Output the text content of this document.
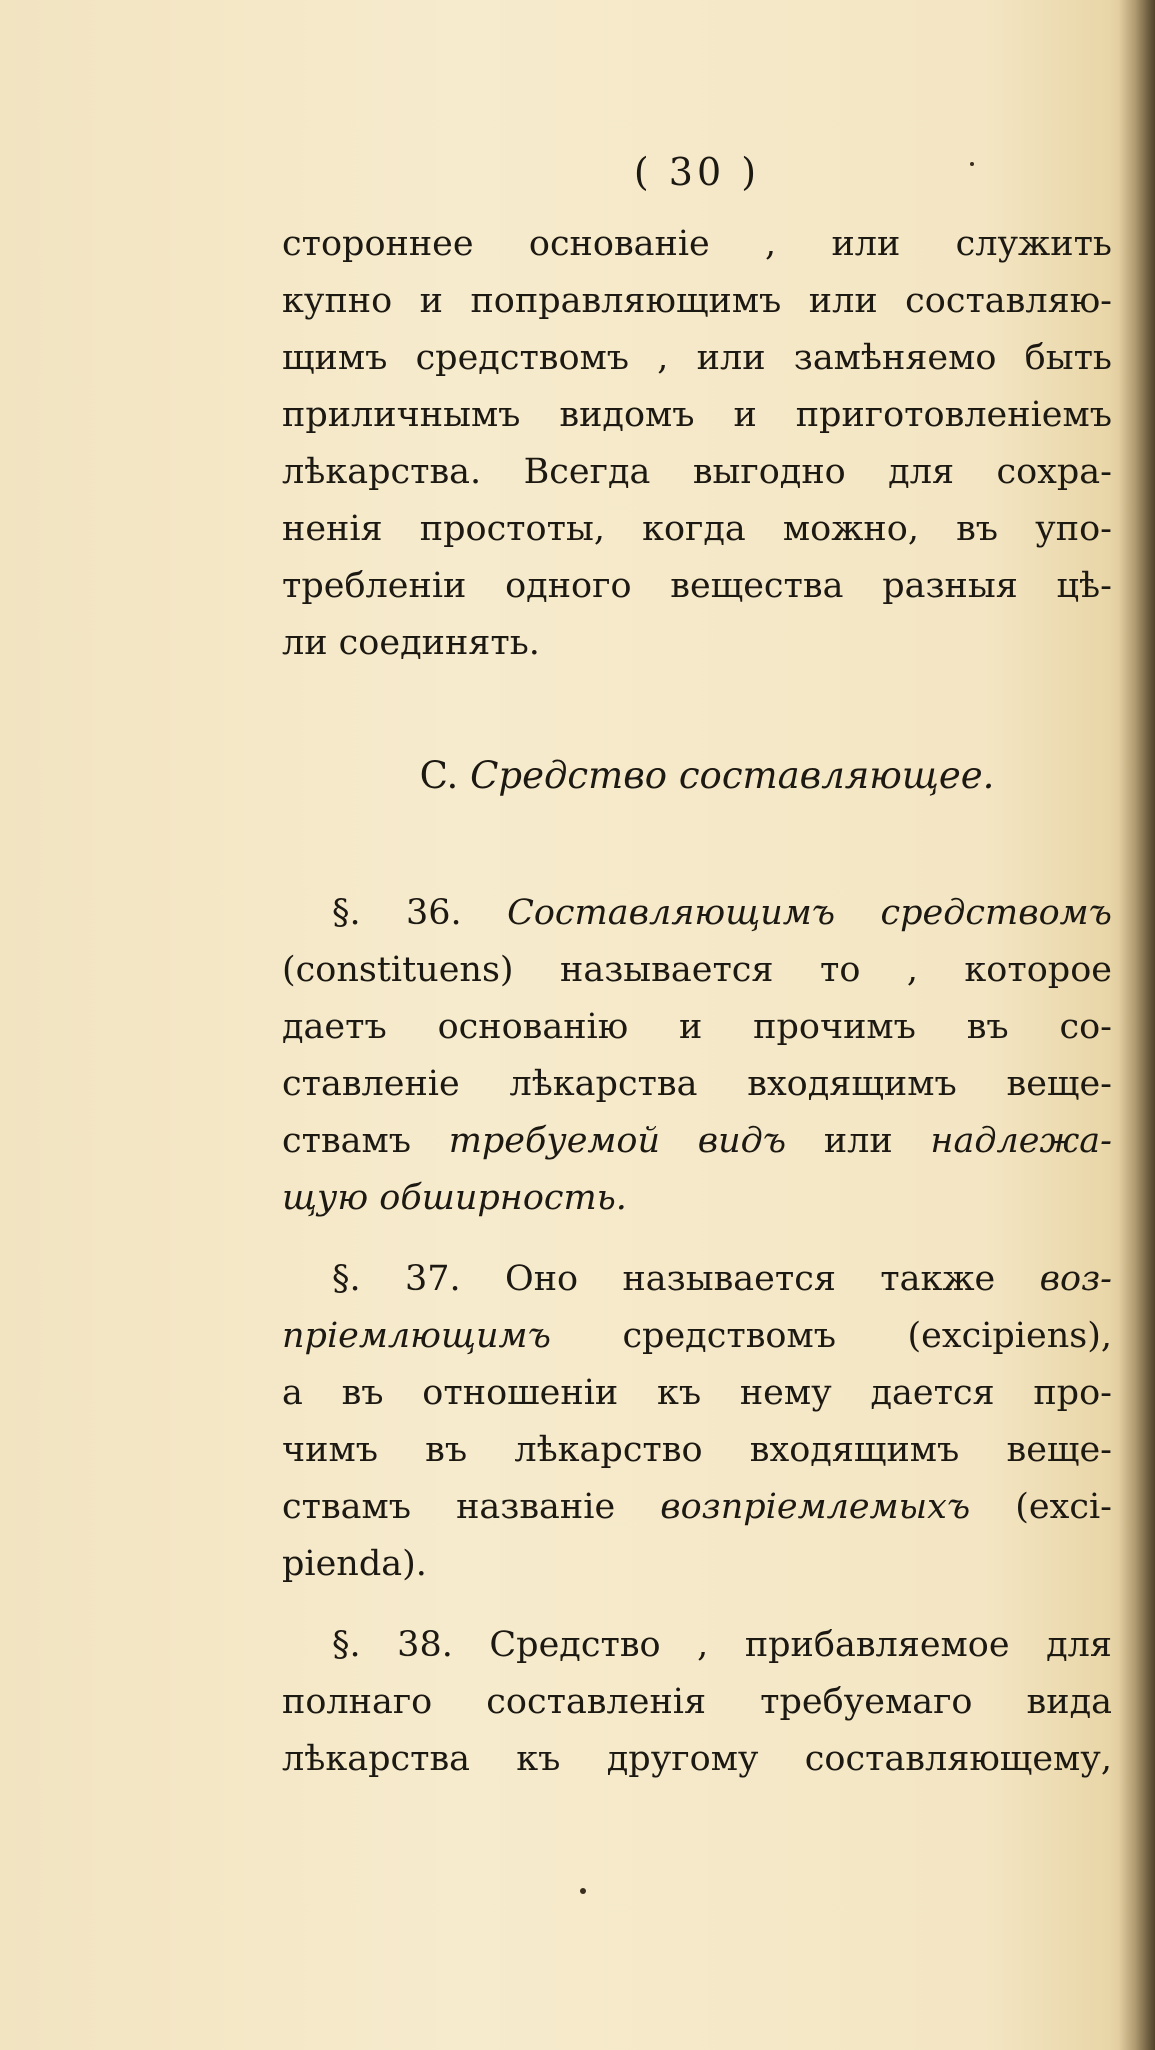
( 30 )

стороннее основанiе , или служить
купно и поправляющимъ или составляю-
щимъ средствомъ , или замѣняемо быть
приличнымъ видомъ и приготовленiемъ
лѣкарства. Всегда выгодно для сохра-
ненiя простоты, когда можно, въ упо-
требленiи одного вещества разныя цѣ-
ли соединять.

C. Средство составляющее.

§. 36. Составляющимъ средствомъ
(constituens) называется то , которое
даетъ основанiю и прочимъ въ со-
ставленiе лѣкарства входящимъ веще-
ствамъ требуемой видъ или надлежа-
щую обширность.

§. 37. Оно называется также воз-
прiемлющимъ средствомъ (excipiens),
а въ отношенiи къ нему дается про-
чимъ въ лѣкарство входящимъ веще-
ствамъ названiе возпрiемлемыхъ (exci-
pienda).

§. 38. Средство , прибавляемое для
полнаго составленiя требуемаго вида
лѣкарства къ другому составляющему,
